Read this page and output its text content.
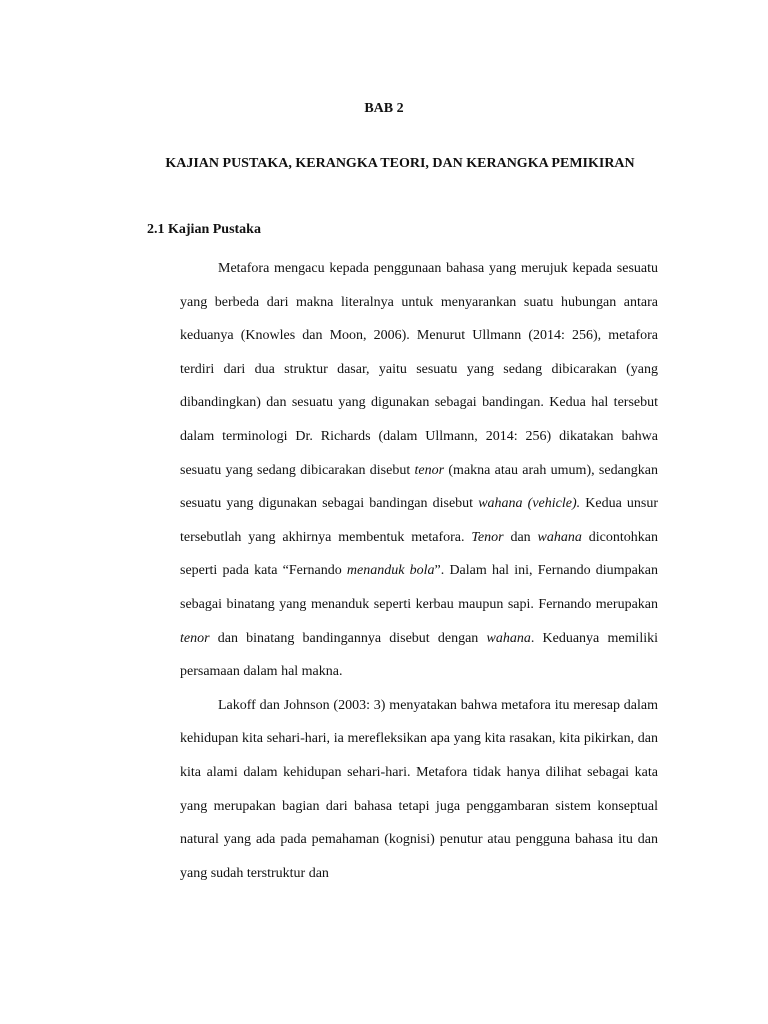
BAB 2
KAJIAN PUSTAKA, KERANGKA TEORI, DAN KERANGKA PEMIKIRAN
2.1 Kajian Pustaka

Metafora mengacu kepada penggunaan bahasa yang merujuk kepada sesuatu yang berbeda dari makna literalnya untuk menyarankan suatu hubungan antara keduanya (Knowles dan Moon, 2006). Menurut Ullmann (2014: 256), metafora terdiri dari dua struktur dasar, yaitu sesuatu yang sedang dibicarakan (yang dibandingkan) dan sesuatu yang digunakan sebagai bandingan. Kedua hal tersebut dalam terminologi Dr. Richards (dalam Ullmann, 2014: 256) dikatakan bahwa sesuatu yang sedang dibicarakan disebut tenor (makna atau arah umum), sedangkan sesuatu yang digunakan sebagai bandingan disebut wahana (vehicle). Kedua unsur tersebutlah yang akhirnya membentuk metafora. Tenor dan wahana dicontohkan seperti pada kata “Fernando menanduk bola”. Dalam hal ini, Fernando diumpakan sebagai binatang yang menanduk seperti kerbau maupun sapi. Fernando merupakan tenor dan binatang bandingannya disebut dengan wahana. Keduanya memiliki persamaan dalam hal makna.

Lakoff dan Johnson (2003: 3) menyatakan bahwa metafora itu meresap dalam kehidupan kita sehari-hari, ia merefleksikan apa yang kita rasakan, kita pikirkan, dan kita alami dalam kehidupan sehari-hari. Metafora tidak hanya dilihat sebagai kata yang merupakan bagian dari bahasa tetapi juga penggambaran sistem konseptual natural yang ada pada pemahaman (kognisi) penutur atau pengguna bahasa itu dan yang sudah terstruktur dan
